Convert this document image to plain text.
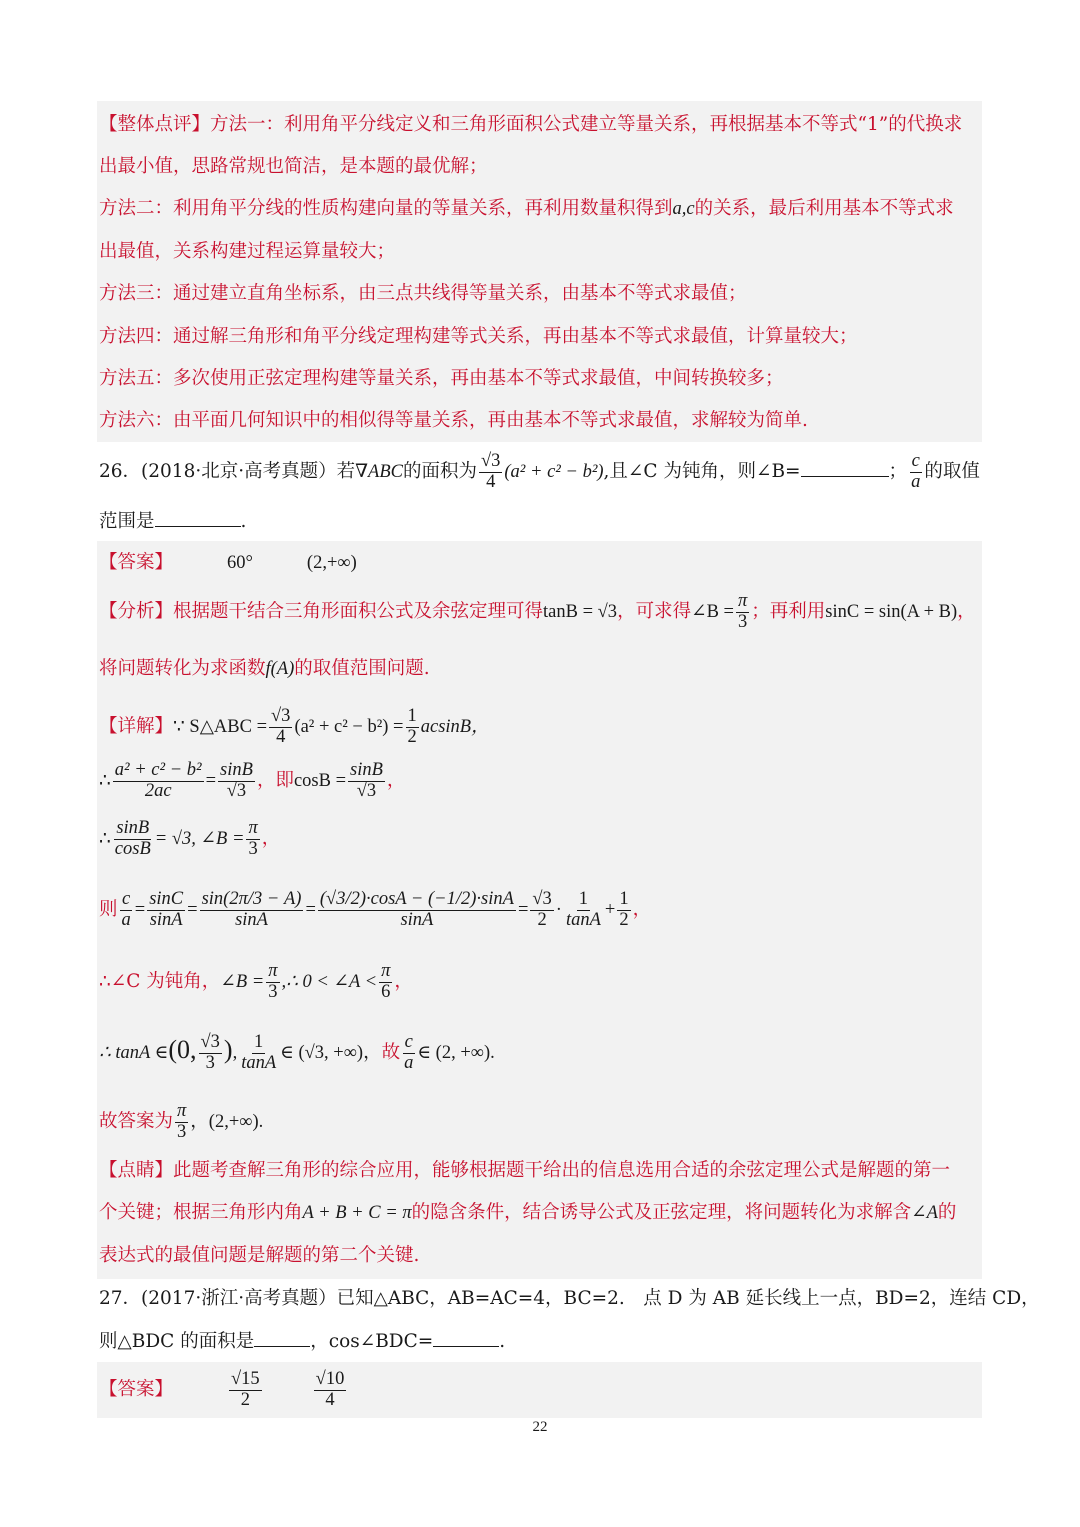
【整体点评】方法一：利用角平分线定义和三角形面积公式建立等量关系，再根据基本不等式“1”的代换求
出最小值，思路常规也简洁，是本题的最优解；
方法二：利用角平分线的性质构建向量的等量关系，再利用数量积得到a,c的关系，最后利用基本不等式求
出最值，关系构建过程运算量较大；
方法三：通过建立直角坐标系，由三点共线得等量关系，由基本不等式求最值；
方法四：通过解三角形和角平分线定理构建等式关系，再由基本不等式求最值，计算量较大；
方法五：多次使用正弦定理构建等量关系，再由基本不等式求最值，中间转换较多；
方法六：由平面几何知识中的相似得等量关系，再由基本不等式求最值，求解较为简单.
26．(2018·北京·高考真题）若∇ABC的面积为 $\frac{√3}{4} (a^2 + c^2 - b^2)$,且∠C 为钝角，则∠B=	； $\frac{c}{a}$ 的取值
范围是	.
【答案】	60°	(2,+∞)
【分析】根据题干结合三角形面积公式及余弦定理可得tanB = √3，可求得∠B = $\frac{\pi}{3}$ ；再利用sinC = sin(A + B)，
将问题转化为求函数f(A)的取值范围问题.
【详解】∵ S△ABC = $\frac{√3}{4} (a^2 + c^2 - b^2) = \frac{1}{2}$ acsinB，
∴ $\frac{\text{a² + c² − b²}}{2ac} = \frac{\sin B}{√3}$ ，即$\cos B = \frac{\sin B}{√3}$ ，
∴ $\frac{\sin B}{\cos B} = √3$, ∠B = $\frac{\pi}{3}$ ，
则 $\frac{c}{a} = \frac{\sin C}{\sin A} = \frac{\sin(2\pi/3 - A)}{\sin A} = \frac{(√3/2)\cdot\cos A - (-1/2)\cdot\sin A}{\sin A} = \frac{√3}{2} \cdot \frac{1}{\tan A} + \frac{1}{2}$ ，
∴∠C 为钝角，∠B = $\frac{\pi}{3}$ ,∴ 0 < ∠A < $\frac{\pi}{6}$ ，
∴ tanA ∈(0, $\frac{√3}{3}$ ), $\frac{1}{\tan A}$ ∈ (√3, +∞)，故 $\frac{c}{a}$ ∈ (2, +∞).
故答案为 $\frac{\pi}{3}$ ，(2,+∞).
【点睛】此题考查解三角形的综合应用，能够根据题干给出的信息选用合适的余弦定理公式是解题的第一
个关键；根据三角形内角A + B + C = π的隐含条件，结合诱导公式及正弦定理，将问题转化为求解含∠A的
表达式的最值问题是解题的第二个关键.
27．(2017·浙江·高考真题）已知△ABC，AB=AC=4，BC=2.　点 D 为 AB 延长线上一点，BD=2，连结 CD，
则△BDC 的面积是	，cos∠BDC=	.
【答案】	$\frac{√15}{2}$	$\frac{√10}{4}$
22
